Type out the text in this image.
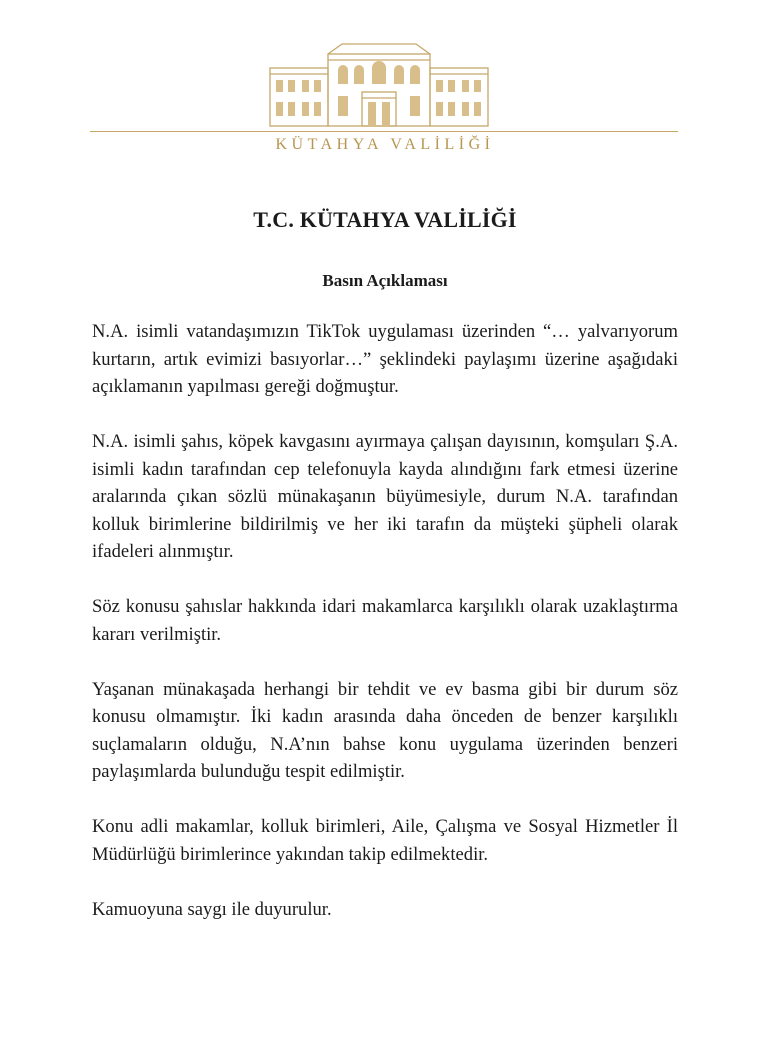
KÜTAHYA VALİLİĞİ
T.C. KÜTAHYA VALİLİĞİ
Basın Açıklaması

N.A. isimli vatandaşımızın TikTok uygulaması üzerinden “… yalvarıyorum kurtarın, artık evimizi basıyorlar…” şeklindeki paylaşımı üzerine aşağıdaki açıklamanın yapılması gereği doğmuştur.

N.A. isimli şahıs, köpek kavgasını ayırmaya çalışan dayısının, komşuları Ş.A. isimli kadın tarafından cep telefonuyla kayda alındığını fark etmesi üzerine aralarında çıkan sözlü münakaşanın büyümesiyle, durum N.A. tarafından kolluk birimlerine bildirilmiş ve her iki tarafın da müşteki şüpheli olarak ifadeleri alınmıştır.

Söz konusu şahıslar hakkında idari makamlarca karşılıklı olarak uzaklaştırma kararı verilmiştir.

Yaşanan münakaşada herhangi bir tehdit ve ev basma gibi bir durum söz konusu olmamıştır. İki kadın arasında daha önceden de benzer karşılıklı suçlamaların olduğu, N.A’nın bahse konu uygulama üzerinden benzeri paylaşımlarda bulunduğu tespit edilmiştir.

Konu adli makamlar, kolluk birimleri, Aile, Çalışma ve Sosyal Hizmetler İl Müdürlüğü birimlerince yakından takip edilmektedir.

Kamuoyuna saygı ile duyurulur.
